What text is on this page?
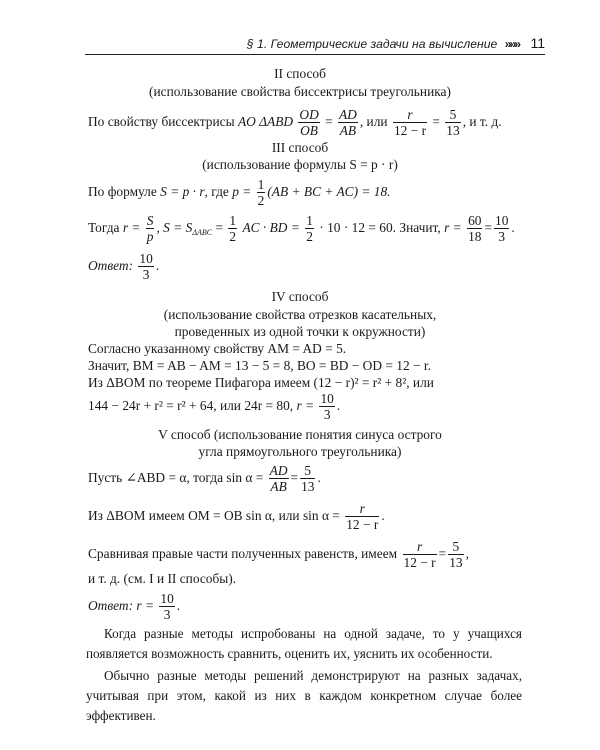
§ 1. Геометрические задачи на вычисление »»» 11
II способ
(использование свойства биссектрисы треугольника)
По свойству биссектрисы AO ΔABD $\frac{OD}{OB} = \frac{AD}{AB}$ , или $\frac{r}{12 - r} = \frac{5}{13}$ , и т. д.
III способ
(использование формулы S = p · r)
По формуле S = p · r, где $p = \frac{1}{2} (AB$ + BC + AC) = 18.
Тогда $r = \frac{S}{p}$ , $S = S_{\Delta ABC} = \frac{1}{2}$ AC · BD = $\frac{1}{2} \cdot 10 \cdot 12 = 60$. Значит, $r = \frac{60}{18} = \frac{10}{3}$ .
Ответ: $\frac{10}{3}$ .
IV способ
(использование свойства отрезков касательных,
проведенных из одной точки к окружности)
Согласно указанному свойству AM = AD = 5.
Значит, BM = AB − AM = 13 − 5 = 8, BO = BD − OD = 12 − r.
Из ΔBOM по теореме Пифагора имеем (12 − r)² = r² + 8², или
144 − 24r + r² = r² + 64, или 24r = 80, $r = \frac{10}{3}$ .
V способ (использование понятия синуса острого
угла прямоугольного треугольника)
Пусть ∠ABD = α, тогда $\sin \alpha = \frac{AD}{AB} = \frac{5}{13}$ .
Из ΔBOM имеем OM = OB sin α, или $\sin \alpha = \frac{r}{12 - r}$ .
Сравнивая правые части полученных равенств, имеем $\frac{r}{12 - r} = \frac{5}{13}$ ,
и т. д. (см. I и II способы).
Ответ: $r = \frac{10}{3}$ .
Когда разные методы испробованы на одной задаче, то у учащихся появляется возможность сравнить, оценить их, уяснить их особенности.
Обычно разные методы решений демонстрируют на разных задачах, учитывая при этом, какой из них в каждом конкретном случае более эффективен.
